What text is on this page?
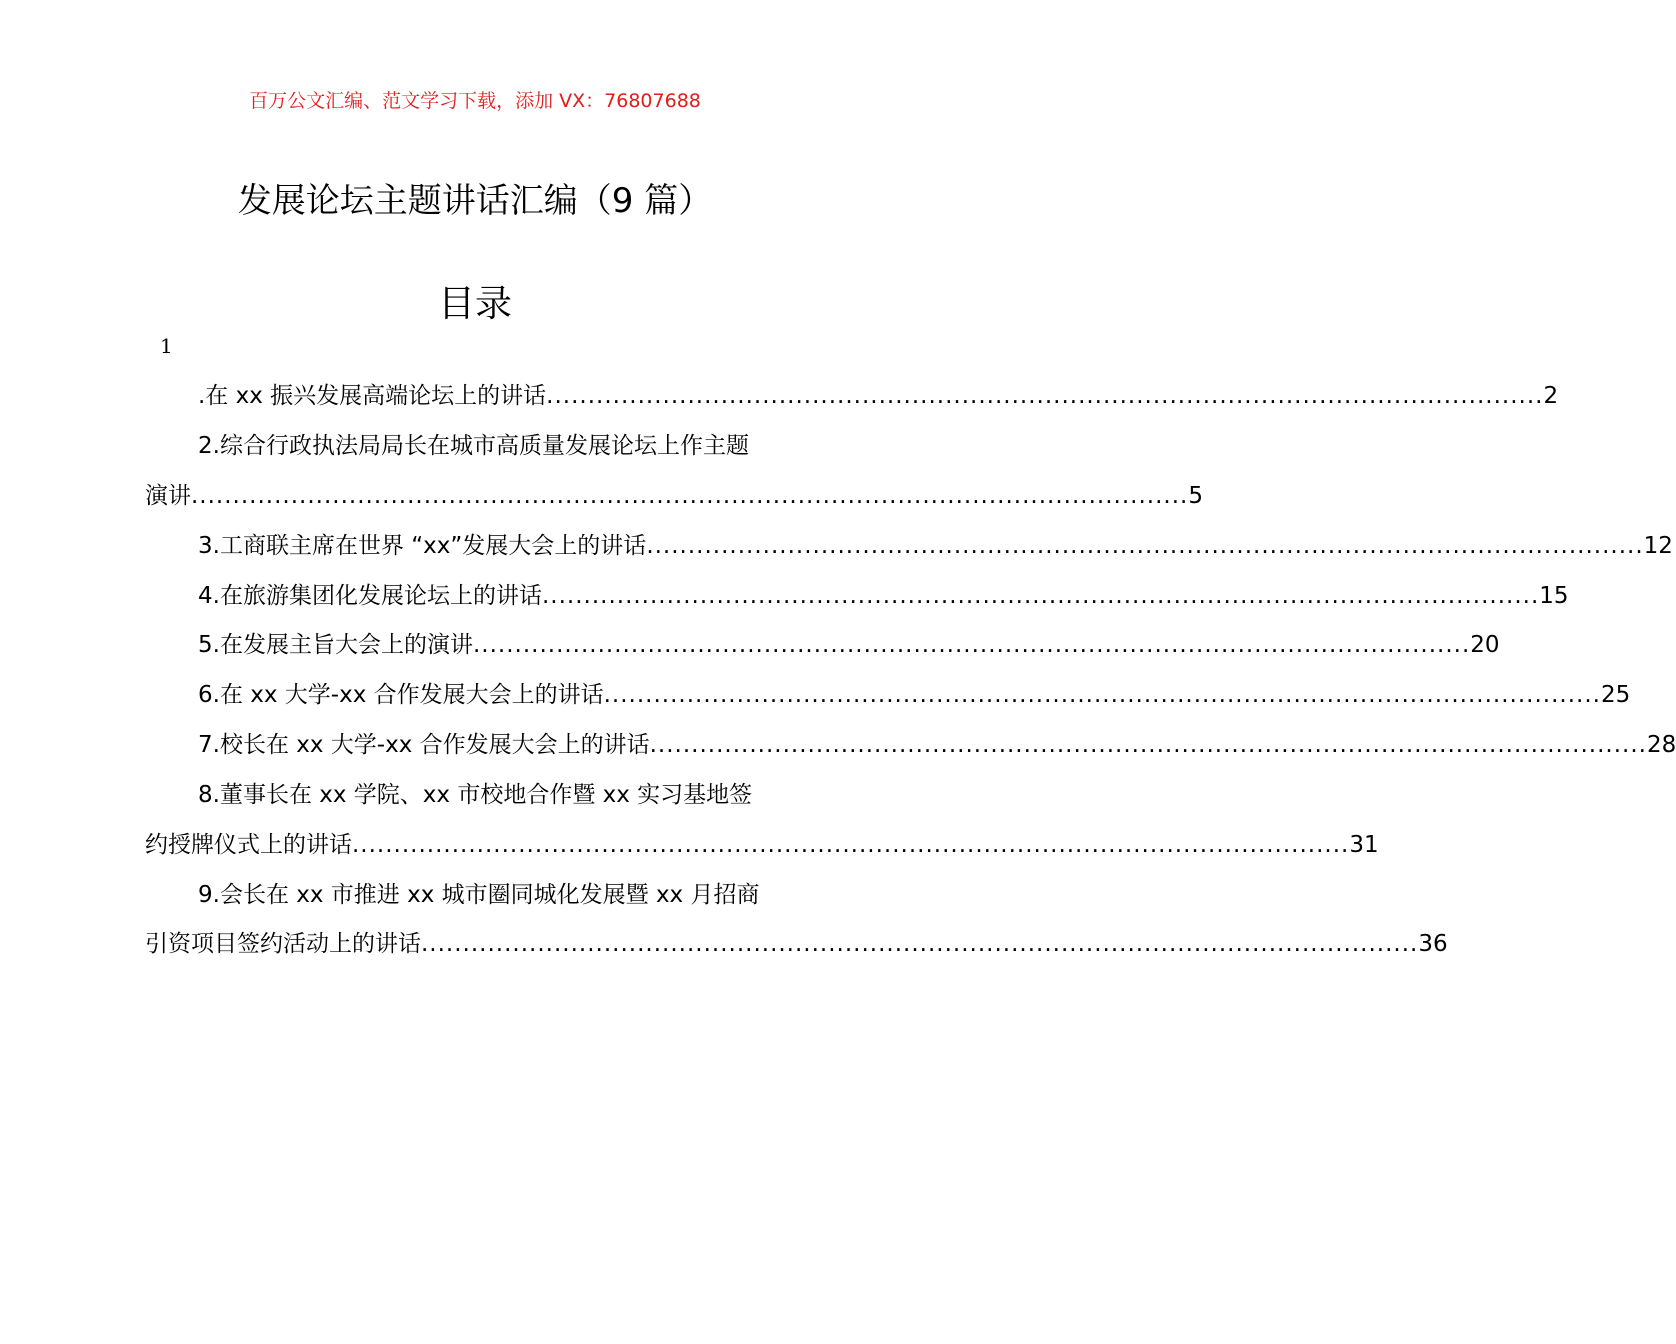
百万公文汇编、范文学习下载，添加 VX：76807688
发展论坛主题讲话汇编（9 篇）
目录
1
.在 xx 振兴发展高端论坛上的讲话 ........................................................................................................................ 2
2.综合行政执法局局长在城市高质量发展论坛上作主题
演讲 ........................................................................................................................ 5
3.工商联主席在世界 “xx”发展大会上的讲话 ........................................................................................................................ 12
4.在旅游集团化发展论坛上的讲话 ........................................................................................................................ 15
5.在发展主旨大会上的演讲 ........................................................................................................................ 20
6.在 xx 大学-xx 合作发展大会上的讲话 ........................................................................................................................ 25
7.校长在 xx 大学-xx 合作发展大会上的讲话 ........................................................................................................................ 28
8.董事长在 xx 学院、xx 市校地合作暨 xx 实习基地签
约授牌仪式上的讲话 ........................................................................................................................ 31
9.会长在 xx 市推进 xx 城市圈同城化发展暨 xx 月招商
引资项目签约活动上的讲话 ........................................................................................................................ 36
